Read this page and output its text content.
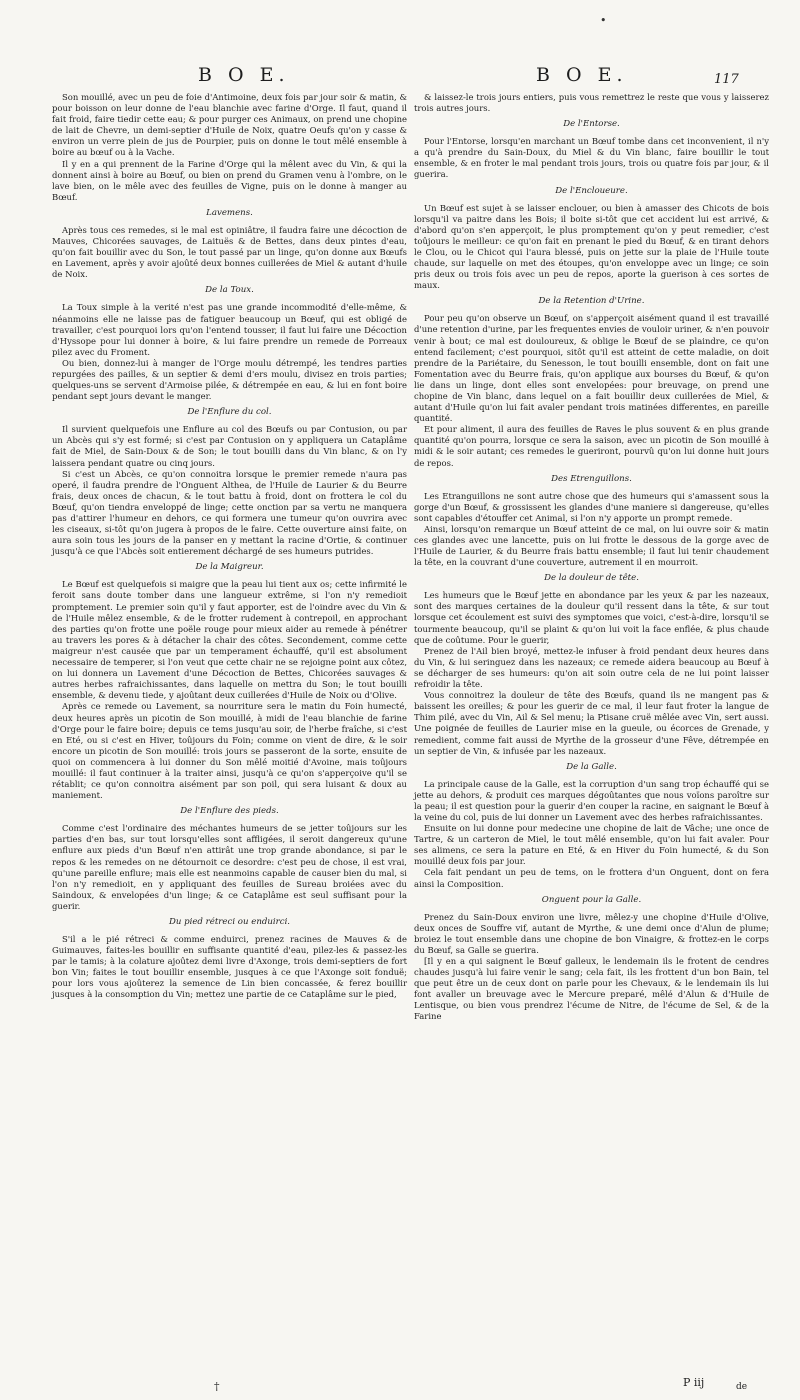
•
B O E.	B O E.	117

Son mouillé, avec un peu de foie d'Antimoine, deux fois par jour soir & matin, & pour boisson on leur donne de l'eau blanchie avec farine d'Orge. Il faut, quand il fait froid, faire tiedir cette eau; & pour purger ces Animaux, on prend une chopine de lait de Chevre, un demi-septier d'Huile de Noix, quatre Oeufs qu'on y casse & environ un verre plein de jus de Pourpier, puis on donne le tout mêlé ensemble à boire au bœuf ou à la Vache.

Il y en a qui prennent de la Farine d'Orge qui la mêlent avec du Vin, & qui la donnent ainsi à boire au Bœuf, ou bien on prend du Gramen venu à l'ombre, on le lave bien, on le mêle avec des feuilles de Vigne, puis on le donne à manger au Bœuf.

Lavemens.

Après tous ces remedes, si le mal est opiniâtre, il faudra faire une décoction de Mauves, Chicorées sauvages, de Laituës & de Bettes, dans deux pintes d'eau, qu'on fait bouillir avec du Son, le tout passé par un linge, qu'on donne aux Bœufs en Lavement, après y avoir ajoûté deux bonnes cuillerées de Miel & autant d'huile de Noix.

De la Toux.

La Toux simple à la verité n'est pas une grande incommodité d'elle-même, & néanmoins elle ne laisse pas de fatiguer beaucoup un Bœuf, qui est obligé de travailler, c'est pourquoi lors qu'on l'entend tousser, il faut lui faire une Décoction d'Hyssope pour lui donner à boire, & lui faire prendre un remede de Porreaux pilez avec du Froment.

Ou bien, donnez-lui à manger de l'Orge moulu détrempé, les tendres parties repurgées des pailles, & un septier & demi d'ers moulu, divisez en trois parties; quelques-uns se servent d'Armoise pilée, & détrempée en eau, & lui en font boire pendant sept jours devant le manger.

De l'Enflure du col.

Il survient quelquefois une Enflure au col des Bœufs ou par Contusion, ou par un Abcès qui s'y est formé; si c'est par Contusion on y appliquera un Cataplâme fait de Miel, de Sain-Doux & de Son; le tout bouilli dans du Vin blanc, & on l'y laissera pendant quatre ou cinq jours.

Si c'est un Abcès, ce qu'on connoitra lorsque le premier remede n'aura pas operé, il faudra prendre de l'Onguent Althea, de l'Huile de Laurier & du Beurre frais, deux onces de chacun, & le tout battu à froid, dont on frottera le col du Bœuf, qu'on tiendra enveloppé de linge; cette onction par sa vertu ne manquera pas d'attirer l'humeur en dehors, ce qui formera une tumeur qu'on ouvrira avec les ciseaux, si-tôt qu'on jugera à propos de le faire. Cette ouverture ainsi faite, on aura soin tous les jours de la panser en y mettant la racine d'Ortie, & continuer jusqu'à ce que l'Abcès soit entierement déchargé de ses humeurs putrides.

De la Maigreur.

Le Bœuf est quelquefois si maigre que la peau lui tient aux os; cette infirmité le feroit sans doute tomber dans une langueur extrême, si l'on n'y remedioit promptement. Le premier soin qu'il y faut apporter, est de l'oindre avec du Vin & de l'Huile mêlez ensemble, & de le frotter rudement à contrepoil, en approchant des parties qu'on frotte une poële rouge pour mieux aider au remede à pénétrer au travers les pores & à détacher la chair des côtes. Secondement, comme cette maigreur n'est causée que par un temperament échauffé, qu'il est absolument necessaire de temperer, si l'on veut que cette chair ne se rejoigne point aux côtez, on lui donnera un Lavement d'une Décoction de Bettes, Chicorées sauvages & autres herbes rafraichissantes, dans laquelle on mettra du Son; le tout bouilli ensemble, & devenu tiede, y ajoûtant deux cuillerées d'Huile de Noix ou d'Olive.

Après ce remede ou Lavement, sa nourriture sera le matin du Foin humecté, deux heures après un picotin de Son mouillé, à midi de l'eau blanchie de farine d'Orge pour le faire boire; depuis ce tems jusqu'au soir, de l'herbe fraîche, si c'est en Eté, ou si c'est en Hiver, toûjours du Foin; comme on vient de dire, & le soir encore un picotin de Son mouillé: trois jours se passeront de la sorte, ensuite de quoi on commencera à lui donner du Son mêlé moitié d'Avoine, mais toûjours mouillé: il faut continuer à la traiter ainsi, jusqu'à ce qu'on s'apperçoive qu'il se rétablit; ce qu'on connoitra aisément par son poil, qui sera luisant & doux au maniement.

De l'Enflure des pieds.

Comme c'est l'ordinaire des méchantes humeurs de se jetter toûjours sur les parties d'en bas, sur tout lorsqu'elles sont affligées, il seroit dangereux qu'une enflure aux pieds d'un Bœuf n'en attirât une trop grande abondance, si par le repos & les remedes on ne détournoit ce desordre: c'est peu de chose, il est vrai, qu'une pareille enflure; mais elle est neanmoins capable de causer bien du mal, si l'on n'y remedioit, en y appliquant des feuilles de Sureau broiées avec du Saindoux, & envelopées d'un linge; & ce Cataplâme est seul suffisant pour la guerir.

Du pied rétreci ou enduirci.

S'il a le pié rétreci & comme enduirci, prenez racines de Mauves & de Guimauves, faites-les bouillir en suffisante quantité d'eau, pilez-les & passez-les par le tamis; à la colature ajoûtez demi livre d'Axonge, trois demi-septiers de fort bon Vin; faites le tout bouillir ensemble, jusques à ce que l'Axonge soit fonduë; pour lors vous ajoûterez la semence de Lin bien concassée, & ferez bouillir jusques à la consomption du Vin; mettez une partie de ce Cataplâme sur le pied,

& laissez-le trois jours entiers, puis vous remettrez le reste que vous y laisserez trois autres jours.

De l'Entorse.

Pour l'Entorse, lorsqu'en marchant un Bœuf tombe dans cet inconvenient, il n'y a qu'à prendre du Sain-Doux, du Miel & du Vin blanc, faire bouillir le tout ensemble, & en froter le mal pendant trois jours, trois ou quatre fois par jour, & il guerira.

De l'Encloueure.

Un Bœuf est sujet à se laisser enclouer, ou bien à amasser des Chicots de bois lorsqu'il va paitre dans les Bois; il boite si-tôt que cet accident lui est arrivé, & d'abord qu'on s'en apperçoit, le plus promptement qu'on y peut remedier, c'est toûjours le meilleur: ce qu'on fait en prenant le pied du Bœuf, & en tirant dehors le Clou, ou le Chicot qui l'aura blessé, puis on jette sur la plaie de l'Huile toute chaude, sur laquelle on met des étoupes, qu'on enveloppe avec un linge; ce soin pris deux ou trois fois avec un peu de repos, aporte la guerison à ces sortes de maux.

De la Retention d'Urine.

Pour peu qu'on observe un Bœuf, on s'apperçoit aisément quand il est travaillé d'une retention d'urine, par les frequentes envies de vouloir uriner, & n'en pouvoir venir à bout; ce mal est douloureux, & oblige le Bœuf de se plaindre, ce qu'on entend facilement; c'est pourquoi, sitôt qu'il est atteint de cette maladie, on doit prendre de la Pariétaire, du Senesson, le tout bouilli ensemble, dont on fait une Fomentation avec du Beurre frais, qu'on applique aux bourses du Bœuf, & qu'on lie dans un linge, dont elles sont envelopées: pour breuvage, on prend une chopine de Vin blanc, dans lequel on a fait bouillir deux cuillerées de Miel, & autant d'Huile qu'on lui fait avaler pendant trois matinées differentes, en pareille quantité.

Et pour aliment, il aura des feuilles de Raves le plus souvent & en plus grande quantité qu'on pourra, lorsque ce sera la saison, avec un picotin de Son mouillé à midi & le soir autant; ces remedes le gueriront, pourvû qu'on lui donne huit jours de repos.

Des Etrenguillons.

Les Etranguillons ne sont autre chose que des humeurs qui s'amassent sous la gorge d'un Bœuf, & grossissent les glandes d'une maniere si dangereuse, qu'elles sont capables d'étouffer cet Animal, si l'on n'y apporte un prompt remede.

Ainsi, lorsqu'on remarque un Bœuf atteint de ce mal, on lui ouvre soir & matin ces glandes avec une lancette, puis on lui frotte le dessous de la gorge avec de l'Huile de Laurier, & du Beurre frais battu ensemble; il faut lui tenir chaudement la tête, en la couvrant d'une couverture, autrement il en mourroit.

De la douleur de tête.

Les humeurs que le Bœuf jette en abondance par les yeux & par les nazeaux, sont des marques certaines de la douleur qu'il ressent dans la tête, & sur tout lorsque cet écoulement est suivi des symptomes que voici, c'est-à-dire, lorsqu'il se tourmente beaucoup, qu'il se plaint & qu'on lui voit la face enflée, & plus chaude que de coûtume. Pour le guerir,

Prenez de l'Ail bien broyé, mettez-le infuser à froid pendant deux heures dans du Vin, & lui seringuez dans les nazeaux; ce remede aidera beaucoup au Bœuf à se décharger de ses humeurs: qu'on ait soin outre cela de ne lui point laisser refroidir la tête.

Vous connoitrez la douleur de tête des Bœufs, quand ils ne mangent pas & baissent les oreilles; & pour les guerir de ce mal, il leur faut froter la langue de Thim pilé, avec du Vin, Ail & Sel menu; la Ptisane cruë mêlée avec Vin, sert aussi. Une poignée de feuilles de Laurier mise en la gueule, ou écorces de Grenade, y remedient, comme fait aussi de Myrthe de la grosseur d'une Fêve, détrempée en un septier de Vin, & infusée par les nazeaux.

De la Galle.

La principale cause de la Galle, est la corruption d'un sang trop échauffé qui se jette au dehors, & produit ces marques dégoûtantes que nous voïons paroître sur la peau; il est question pour la guerir d'en couper la racine, en saignant le Bœuf à la veine du col, puis de lui donner un Lavement avec des herbes rafraichissantes.

Ensuite on lui donne pour medecine une chopine de lait de Vâche; une once de Tartre, & un carteron de Miel, le tout mêlé ensemble, qu'on lui fait avaler. Pour ses alimens, ce sera la pature en Eté, & en Hiver du Foin humecté, & du Son mouillé deux fois par jour.

Cela fait pendant un peu de tems, on le frottera d'un Onguent, dont on fera ainsi la Composition.

Onguent pour la Galle.

Prenez du Sain-Doux environ une livre, mêlez-y une chopine d'Huile d'Olive, deux onces de Souffre vif, autant de Myrthe, & une demi once d'Alun de plume; broiez le tout ensemble dans une chopine de bon Vinaigre, & frottez-en le corps du Bœuf, sa Galle se guerira.

[Il y en a qui saignent le Bœuf galleux, le lendemain ils le frotent de cendres chaudes jusqu'à lui faire venir le sang; cela fait, ils les frottent d'un bon Bain, tel que peut être un de ceux dont on parle pour les Chevaux, & le lendemain ils lui font avaller un breuvage avec le Mercure preparé, mêlé d'Alun & d'Huile de Lentisque, ou bien vous prendrez l'écume de Nitre, de l'écume de Sel, & de la Farine

P iij	de
†
